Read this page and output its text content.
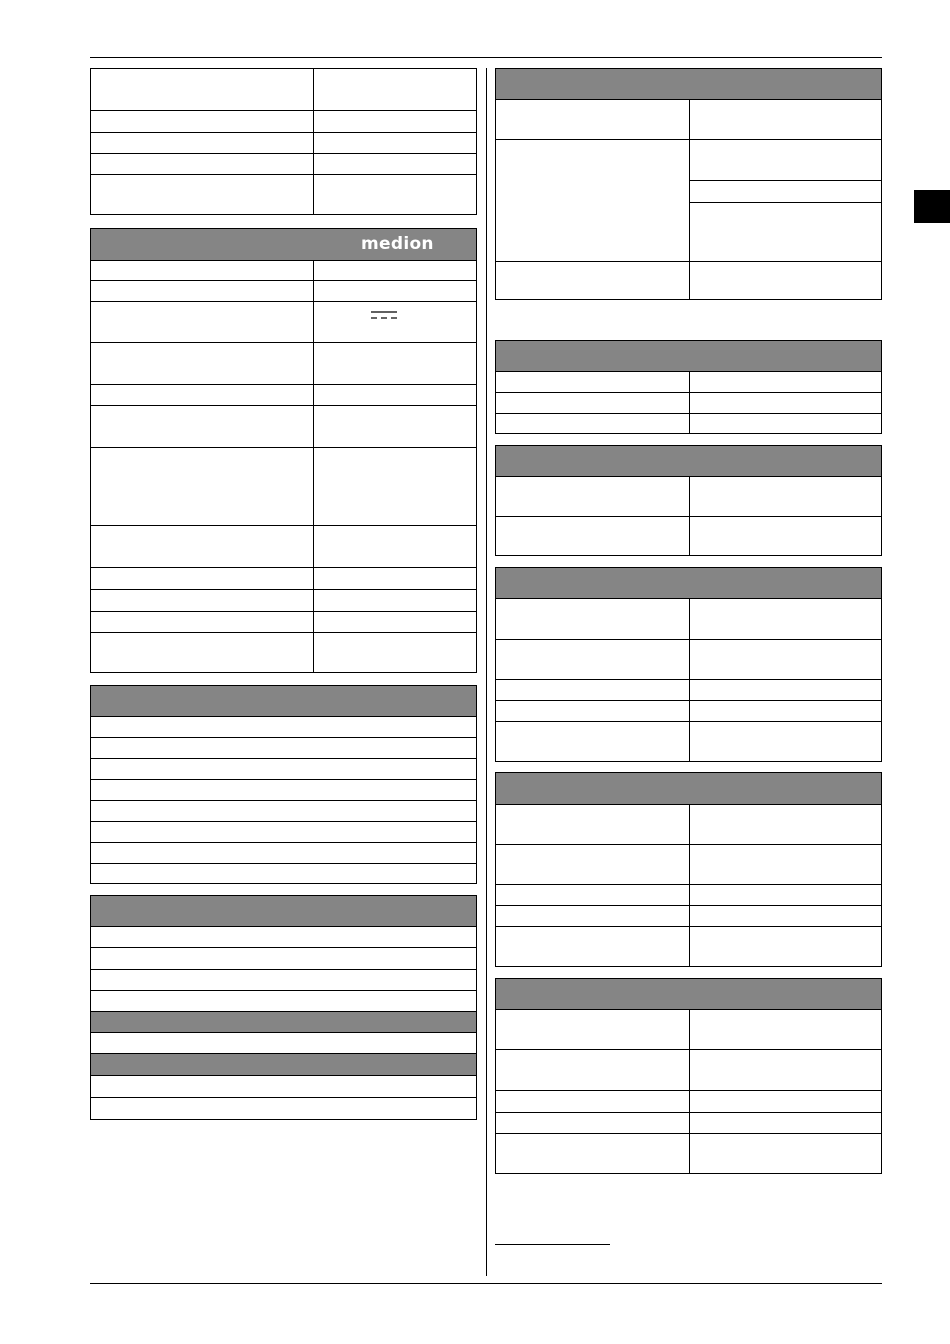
medion
